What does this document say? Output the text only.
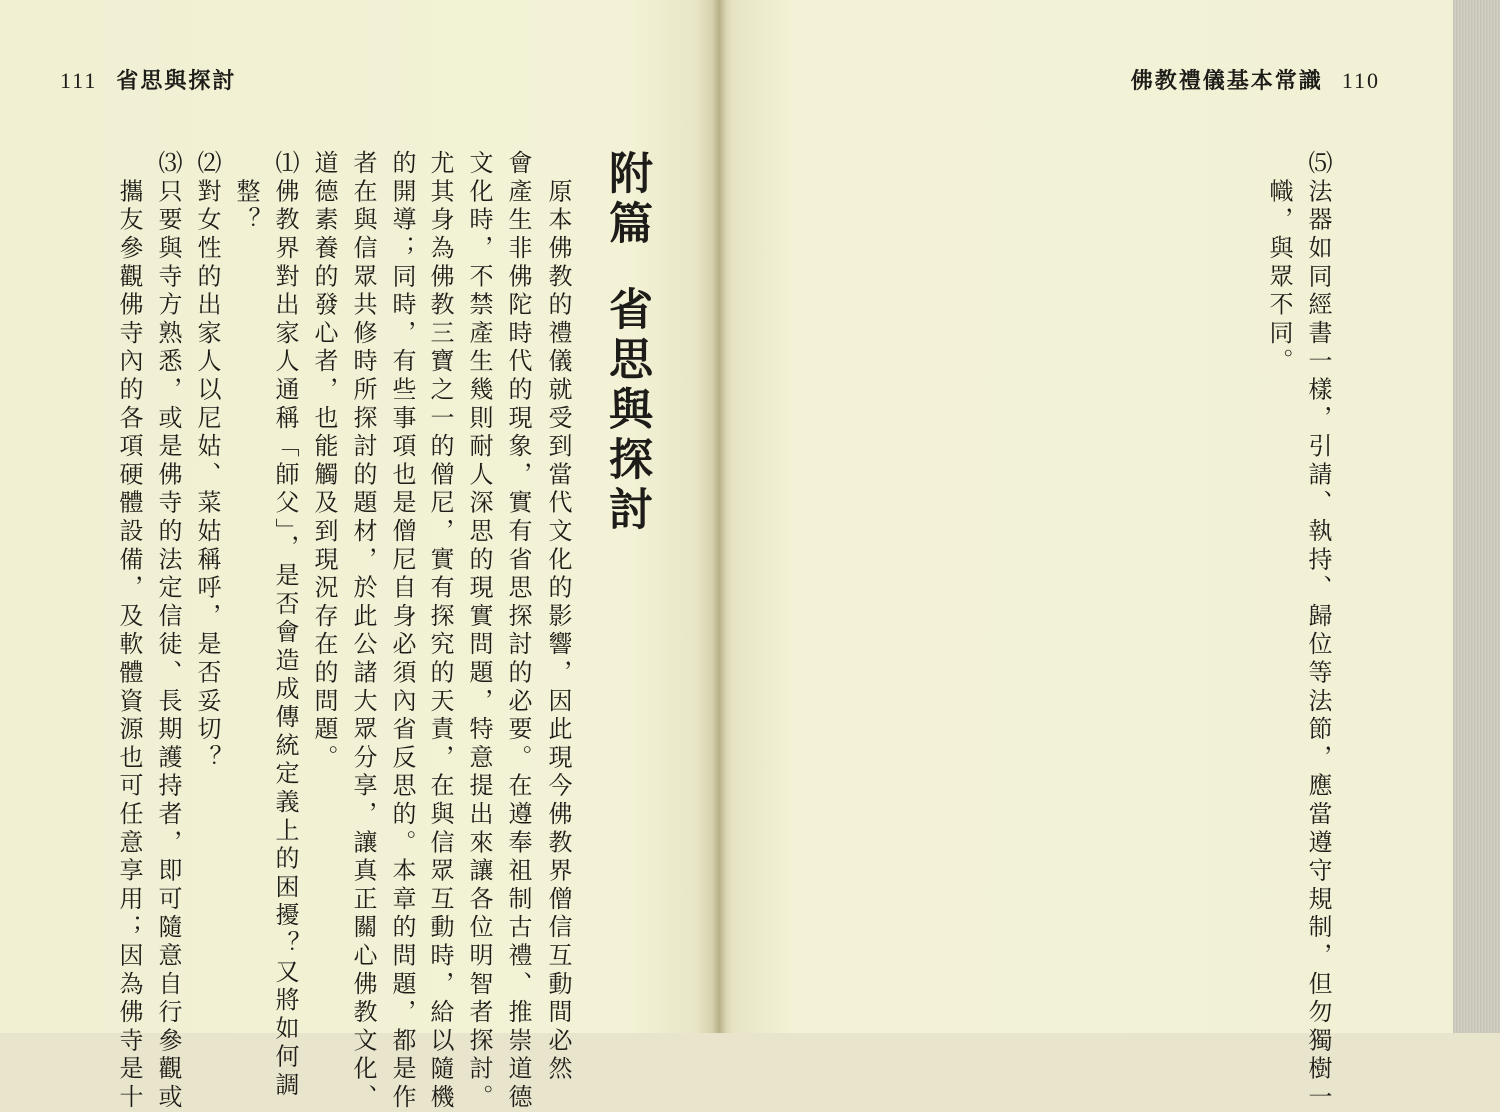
111 省思與探討	佛教禮儀基本常識 110
附篇省思與探討
　原本佛教的禮儀就受到當代文化的影響，因此現今佛教界僧信互動間必然
會產生非佛陀時代的現象，實有省思探討的必要。在遵奉祖制古禮、推崇道德
文化時，不禁產生幾則耐人深思的現實問題，特意提出來讓各位明智者探討。
尤其身為佛教三寶之一的僧尼，實有探究的天責，在與信眾互動時，給以隨機
的開導；同時，有些事項也是僧尼自身必須內省反思的。本章的問題，都是作
者在與信眾共修時所探討的題材，於此公諸大眾分享，讓真正關心佛教文化、
道德素養的發心者，也能觸及到現況存在的問題。
⑴佛教界對出家人通稱「師父」，是否會造成傳統定義上的困擾？又將如何調
　整？
⑵對女性的出家人以尼姑、菜姑稱呼，是否妥切？
⑶只要與寺方熟悉，或是佛寺的法定信徒、長期護持者，即可隨意自行參觀或
　攜友參觀佛寺內的各項硬體設備，及軟體資源也可任意享用；因為佛寺是十	⑸法器如同經書一樣，引請、執持、歸位等法節，應當遵守規制，但勿獨樹一
　幟，與眾不同。
